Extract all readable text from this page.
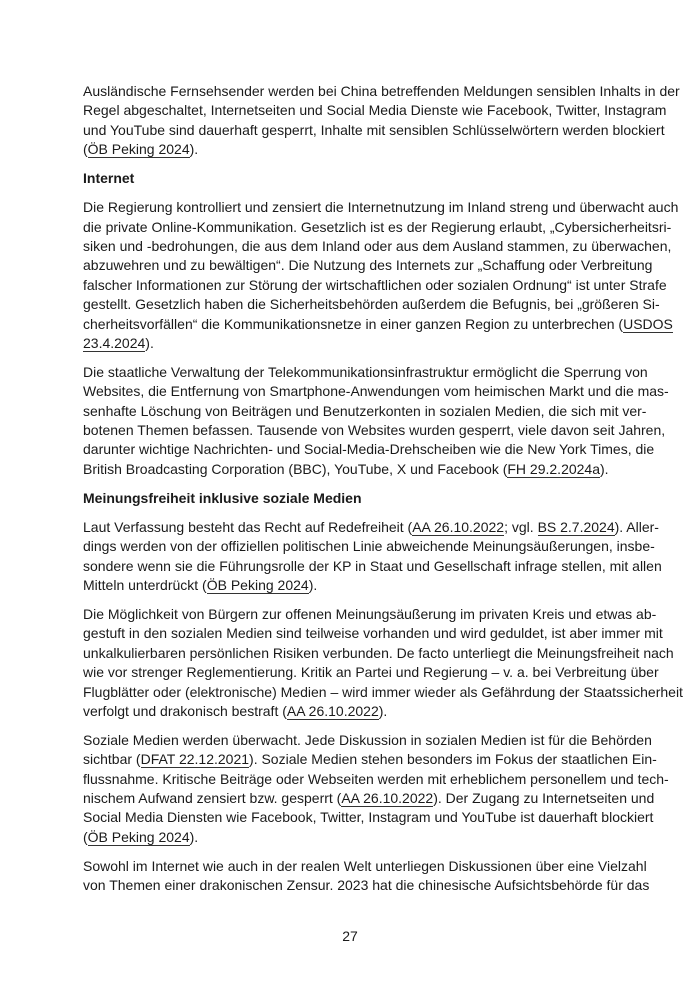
Ausländische Fernsehsender werden bei China betreffenden Meldungen sensiblen Inhalts in der
Regel abgeschaltet, Internetseiten und Social Media Dienste wie Facebook, Twitter, Instagram
und YouTube sind dauerhaft gesperrt, Inhalte mit sensiblen Schlüsselwörtern werden blockiert
(ÖB Peking 2024).
Internet
Die Regierung kontrolliert und zensiert die Internetnutzung im Inland streng und überwacht auch
die private Online-Kommunikation. Gesetzlich ist es der Regierung erlaubt, „Cybersicherheitsri-
siken und -bedrohungen, die aus dem Inland oder aus dem Ausland stammen, zu überwachen,
abzuwehren und zu bewältigen“. Die Nutzung des Internets zur „Schaffung oder Verbreitung
falscher Informationen zur Störung der wirtschaftlichen oder sozialen Ordnung“ ist unter Strafe
gestellt. Gesetzlich haben die Sicherheitsbehörden außerdem die Befugnis, bei „größeren Si-
cherheitsvorfällen“ die Kommunikationsnetze in einer ganzen Region zu unterbrechen (USDOS
23.4.2024).
Die staatliche Verwaltung der Telekommunikationsinfrastruktur ermöglicht die Sperrung von
Websites, die Entfernung von Smartphone-Anwendungen vom heimischen Markt und die mas-
senhafte Löschung von Beiträgen und Benutzerkonten in sozialen Medien, die sich mit ver-
botenen Themen befassen. Tausende von Websites wurden gesperrt, viele davon seit Jahren,
darunter wichtige Nachrichten- und Social-Media-Drehscheiben wie die New York Times, die
British Broadcasting Corporation (BBC), YouTube, X und Facebook (FH 29.2.2024a).
Meinungsfreiheit inklusive soziale Medien
Laut Verfassung besteht das Recht auf Redefreiheit (AA 26.10.2022; vgl. BS 2.7.2024). Aller-
dings werden von der offiziellen politischen Linie abweichende Meinungsäußerungen, insbe-
sondere wenn sie die Führungsrolle der KP in Staat und Gesellschaft infrage stellen, mit allen
Mitteln unterdrückt (ÖB Peking 2024).
Die Möglichkeit von Bürgern zur offenen Meinungsäußerung im privaten Kreis und etwas ab-
gestuft in den sozialen Medien sind teilweise vorhanden und wird geduldet, ist aber immer mit
unkalkulierbaren persönlichen Risiken verbunden. De facto unterliegt die Meinungsfreiheit nach
wie vor strenger Reglementierung. Kritik an Partei und Regierung – v. a. bei Verbreitung über
Flugblätter oder (elektronische) Medien – wird immer wieder als Gefährdung der Staatssicherheit
verfolgt und drakonisch bestraft (AA 26.10.2022).
Soziale Medien werden überwacht. Jede Diskussion in sozialen Medien ist für die Behörden
sichtbar (DFAT 22.12.2021). Soziale Medien stehen besonders im Fokus der staatlichen Ein-
flussnahme. Kritische Beiträge oder Webseiten werden mit erheblichem personellem und tech-
nischem Aufwand zensiert bzw. gesperrt (AA 26.10.2022). Der Zugang zu Internetseiten und
Social Media Diensten wie Facebook, Twitter, Instagram und YouTube ist dauerhaft blockiert
(ÖB Peking 2024).
Sowohl im Internet wie auch in der realen Welt unterliegen Diskussionen über eine Vielzahl
von Themen einer drakonischen Zensur. 2023 hat die chinesische Aufsichtsbehörde für das
27
